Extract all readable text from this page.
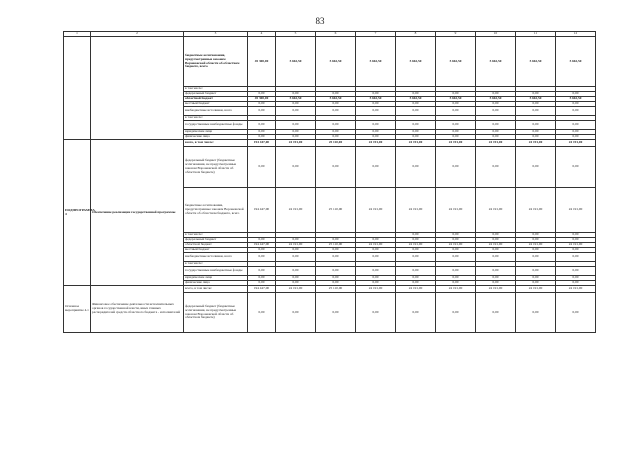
83
1	2	3	4	5	6	7	8	9	10	11	12
		бюджетные ассигнования, предусмотренные законом Воронежской области об областном бюджете, всего	45 300,00	5 662,50	5 662,50	5 662,50	5 662,50	5 662,50	5 662,50	5 662,50	5 662,50
		в том числе:									
		федеральный бюджет	0,00	0,00	0,00	0,00	0,00	0,00	0,00	0,00	0,00
		областной бюджет	45 300,00	5 662,50	5 662,50	5 662,50	5 662,50	5 662,50	5 662,50	5 662,50	5 662,50
		местный бюджет	0,00	0,00	0,00	0,00	0,00	0,00	0,00	0,00	0,00
		внебюджетные источники, всего	0,00	0,00	0,00	0,00	0,00	0,00	0,00	0,00	0,00
		в том числе:									
		государственные внебюджетные фонды	0,00	0,00	0,00	0,00	0,00	0,00	0,00	0,00	0,00
		юридические лица	0,00	0,00	0,00	0,00	0,00	0,00	0,00	0,00	0,00
		физические лица	0,00	0,00	0,00	0,00	0,00	0,00	0,00	0,00	0,00
ПОДПРОГРАММА 4	Обеспечение реализации государственной программы	всего, в том числе:	194 447,00	24 191,00	25 110,00	24 191,00	24 191,00	24 191,00	24 191,00	24 191,00	24 191,00
		федеральный бюджет (бюджетные ассигнования, не предусмотренные законом Воронежской области об областном бюджете)	0,00	0,00	0,00	0,00	0,00	0,00	0,00	0,00	0,00
		бюджетные ассигнования, предусмотренные законом Воронежской области об областном бюджете, всего	194 447,00	24 191,00	25 110,00	24 191,00	24 191,00	24 191,00	24 191,00	24 191,00	24 191,00
		в том числе:					0,00	0,00	0,00	0,00	0,00
		федеральный бюджет	0,00	0,00	0,00	0,00	0,00	0,00	0,00	0,00	0,00
		областной бюджет	194 447,00	24 191,00	25 110,00	24 191,00	24 191,00	24 191,00	24 191,00	24 191,00	24 191,00
		местный бюджет	0,00	0,00	0,00	0,00	0,00	0,00	0,00	0,00	0,00
		внебюджетные источники, всего	0,00	0,00	0,00	0,00	0,00	0,00	0,00	0,00	0,00
		в том числе:									
		государственные внебюджетные фонды	0,00	0,00	0,00	0,00	0,00	0,00	0,00	0,00	0,00
		юридические лица	0,00	0,00	0,00	0,00	0,00	0,00	0,00	0,00	0,00
		физические лица	0,00	0,00	0,00	0,00	0,00	0,00	0,00	0,00	0,00
Основное мероприятие 4.1	Финансовое обеспечение деятельности исполнительных органов государственной власти, иных главных распорядителей средств областного бюджета - исполнителей	всего, в том числе:	194 447,00	24 191,00	25 110,00	24 191,00	24 191,00	24 191,00	24 191,00	24 191,00	24 191,00
		федеральный бюджет (бюджетные ассигнования, не предусмотренные законом Воронежской области об областном бюджете)	0,00	0,00	0,00	0,00	0,00	0,00	0,00	0,00	0,00
